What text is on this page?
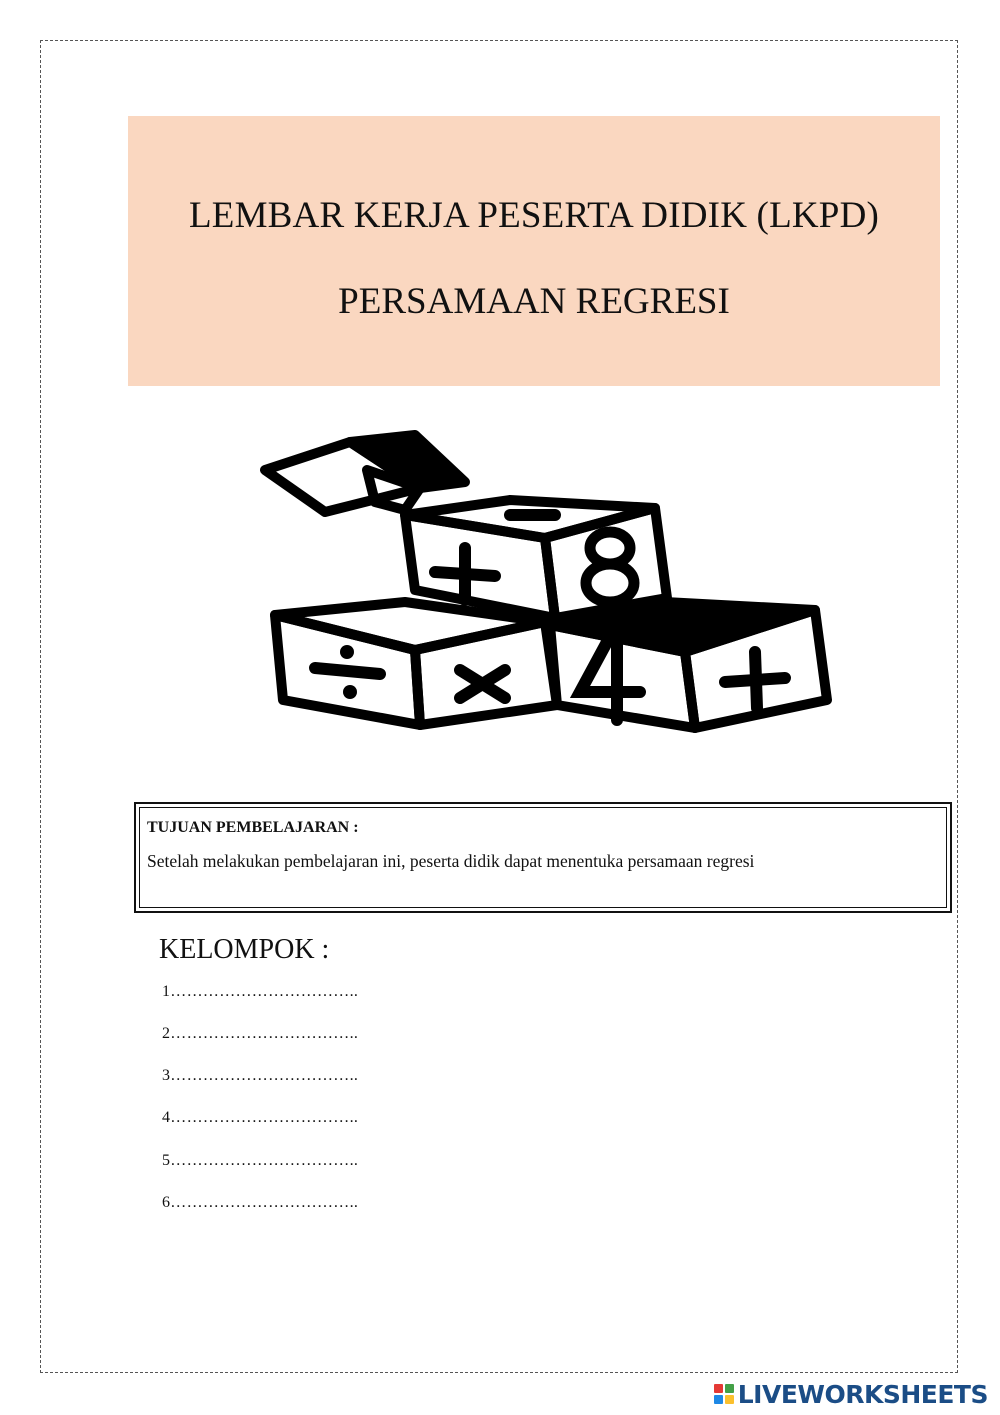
LEMBAR KERJA PESERTA DIDIK (LKPD)
PERSAMAAN REGRESI
TUJUAN PEMBELAJARAN :
Setelah melakukan pembelajaran ini, peserta didik dapat menentuka persamaan regresi
KELOMPOK :
1……………………………..
2……………………………..
3……………………………..
4……………………………..
5……………………………..
6……………………………..
LIVEWORKSHEETS
